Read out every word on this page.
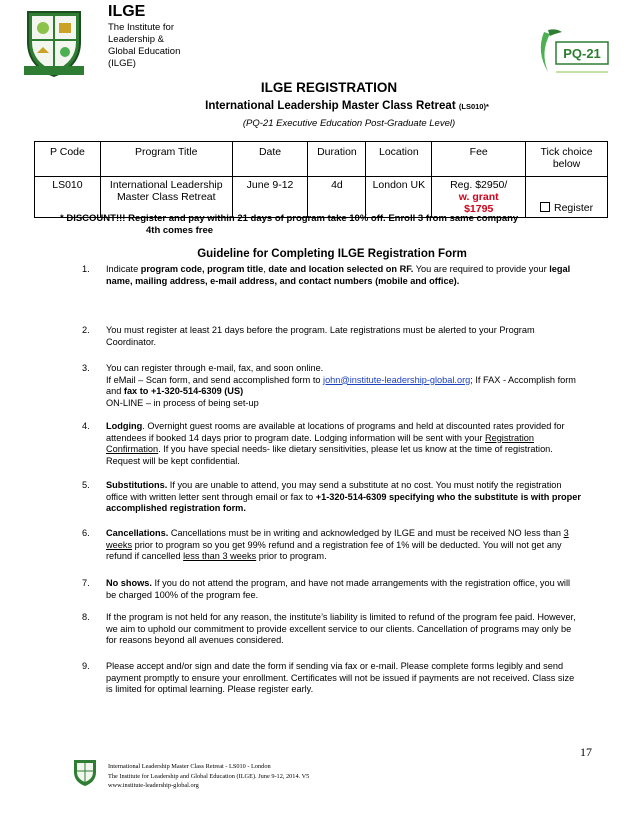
ILGE
The Institute for
Leadership &
Global Education
(ILGE)
PQ-21
ILGE REGISTRATION
International Leadership Master Class Retreat (LS010)*
(PQ-21 Executive Education Post-Graduate Level)
P Code	Program Title	Date	Duration	Location	Fee	Tick choice below
LS010	International Leadership Master Class Retreat	June 9-12	4d	London UK	Reg. $2950/
w. grant
$1795	Register
* DISCOUNT!!! Register and pay within 21 days of program take 10% off. Enroll 3 from same company
4th comes free
Guideline for Completing ILGE Registration Form
1.	Indicate program code, program title, date and location selected on RF. You are required to provide your legal name, mailing address, e-mail address, and contact numbers (mobile and office).
2.	You must register at least 21 days before the program. Late registrations must be alerted to your Program Coordinator.
3.	You can register through e-mail, fax, and soon online.
If eMail – Scan form, and send accomplished form to john@institute-leadership-global.org; If FAX - Accomplish form and fax to +1-320-514-6309 (US)
ON-LINE – in process of being set-up
4.	Lodging. Overnight guest rooms are available at locations of programs and held at discounted rates provided for attendees if booked 14 days prior to program date. Lodging information will be sent with your Registration Confirmation. If you have special needs- like dietary sensitivities, please let us know at the time of registration. Request will be kept confidential.
5.	Substitutions. If you are unable to attend, you may send a substitute at no cost. You must notify the registration office with written letter sent through email or fax to +1-320-514-6309 specifying who the substitute is with proper accomplished registration form.
6.	Cancellations. Cancellations must be in writing and acknowledged by ILGE and must be received NO less than 3 weeks prior to program so you get 99% refund and a registration fee of 1% will be deducted. You will not get any refund if cancelled less than 3 weeks prior to program.
7.	No shows. If you do not attend the program, and have not made arrangements with the registration office, you will be charged 100% of the program fee.
8.	If the program is not held for any reason, the institute’s liability is limited to refund of the program fee paid. However, we aim to uphold our commitment to provide excellent service to our clients. Cancellation of programs may only be for reasons beyond all avenues considered.
9.	Please accept and/or sign and date the form if sending via fax or e-mail. Please complete forms legibly and send payment promptly to ensure your enrollment. Certificates will not be issued if payments are not received. Class size is limited for optimal learning. Please register early.
17
International Leadership Master Class Retreat - LS010 - London
The Institute for Leadership and Global Education (ILGE). June 9-12, 2014. V5
www.institute-leadership-global.org
